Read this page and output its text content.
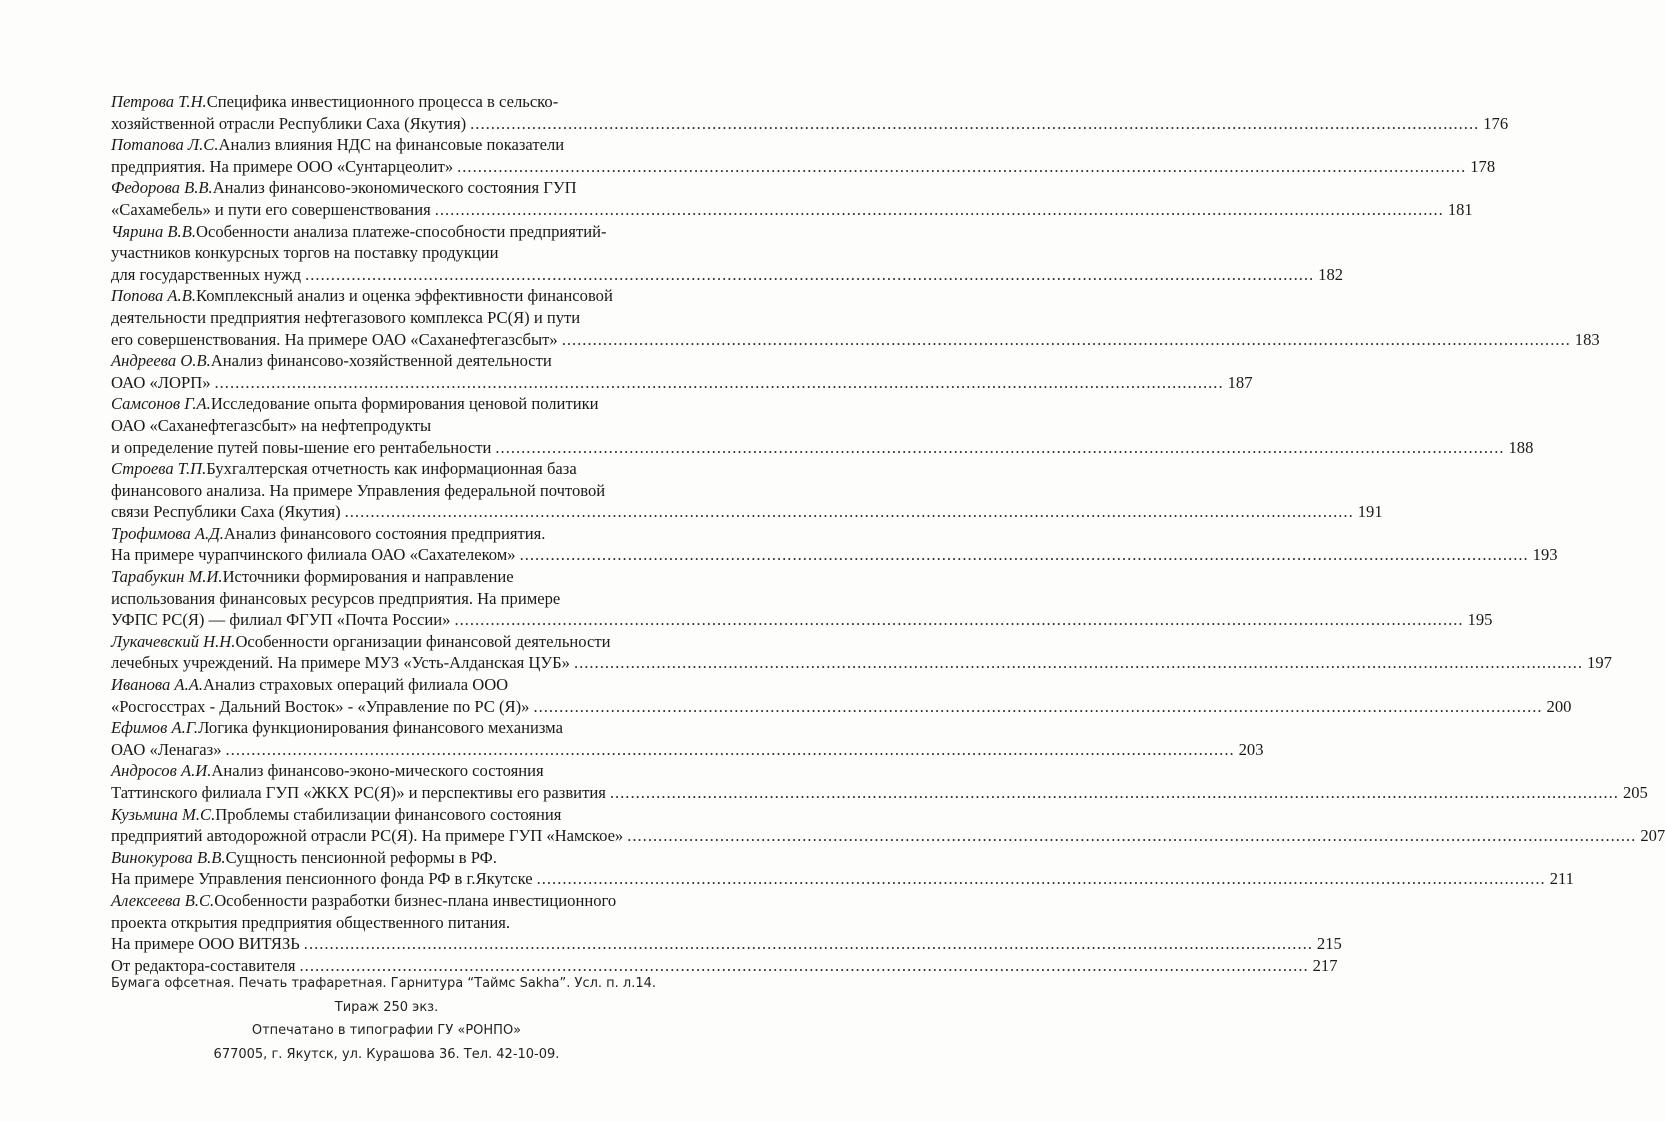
Петрова Т.Н.Специфика инвестиционного процесса в сельско-
хозяйственной отрасли Республики Саха (Якутия) .....	176
Потапова Л.С.Анализ влияния НДС на финансовые показатели
предприятия. На примере ООО «Сунтарцеолит» .....	178
Федорова В.В.Анализ финансово-экономического состояния ГУП
«Сахамебель» и пути его совершенствования .....	181
Чярина В.В.Особенности анализа платеже-способности предприятий-
участников конкурсных торгов на поставку продукции
для государственных нужд .....	182
Попова А.В.Комплексный анализ и оценка эффективности финансовой
деятельности предприятия нефтегазового комплекса РС(Я) и пути
его совершенствования. На примере ОАО «Саханефтегазсбыт» .....	183
Андреева О.В.Анализ финансово-хозяйственной деятельности
ОАО «ЛОРП» .....	187
Самсонов Г.А.Исследование опыта формирования ценовой политики
ОАО «Саханефтегазсбыт» на нефтепродукты
и определение путей повы-шение его рентабельности .....	188
Строева Т.П.Бухгалтерская отчетность как информационная база
финансового анализа. На примере Управления федеральной почтовой
связи Республики Саха (Якутия) .....	191
Трофимова А.Д.Анализ финансового состояния предприятия.
На примере чурапчинского филиала ОАО «Сахателеком» .....	193
Тарабукин М.И.Источники формирования и направление
использования финансовых ресурсов предприятия. На примере
УФПС РС(Я) — филиал ФГУП «Почта России» .....	195
Лукачевский Н.Н.Особенности организации финансовой деятельности
лечебных учреждений. На примере МУЗ «Усть-Алданская ЦУБ» .....	197
Иванова А.А.Анализ страховых операций филиала ООО
«Росгосстрах - Дальний Восток» - «Управление по РС (Я)» .....	200
Ефимов А.Г.Логика функционирования финансового механизма
ОАО «Ленагаз» .....	203
Андросов А.И.Анализ финансово-эконо-мического состояния
Таттинского филиала ГУП «ЖКХ РС(Я)» и перспективы его развития .....	205
Кузьмина М.С.Проблемы стабилизации финансового состояния
предприятий автодорожной отрасли РС(Я). На примере ГУП «Намское» .....	207
Винокурова В.В.Сущность пенсионной реформы в РФ.
На примере Управления пенсионного фонда РФ в г.Якутске .....	211
Алексеева В.С.Особенности разработки бизнес-плана инвестиционного
проекта открытия предприятия общественного питания.
На примере ООО ВИТЯЗЬ .....	215
От редактора-составителя .....	217
Бумага офсетная. Печать трафаретная. Гарнитура “Таймс Sakha”. Усл. п. л.14.
Тираж 250 экз.
Отпечатано в типографии ГУ «РОНПО»
677005, г. Якутск, ул. Курашова 36. Тел. 42-10-09.
